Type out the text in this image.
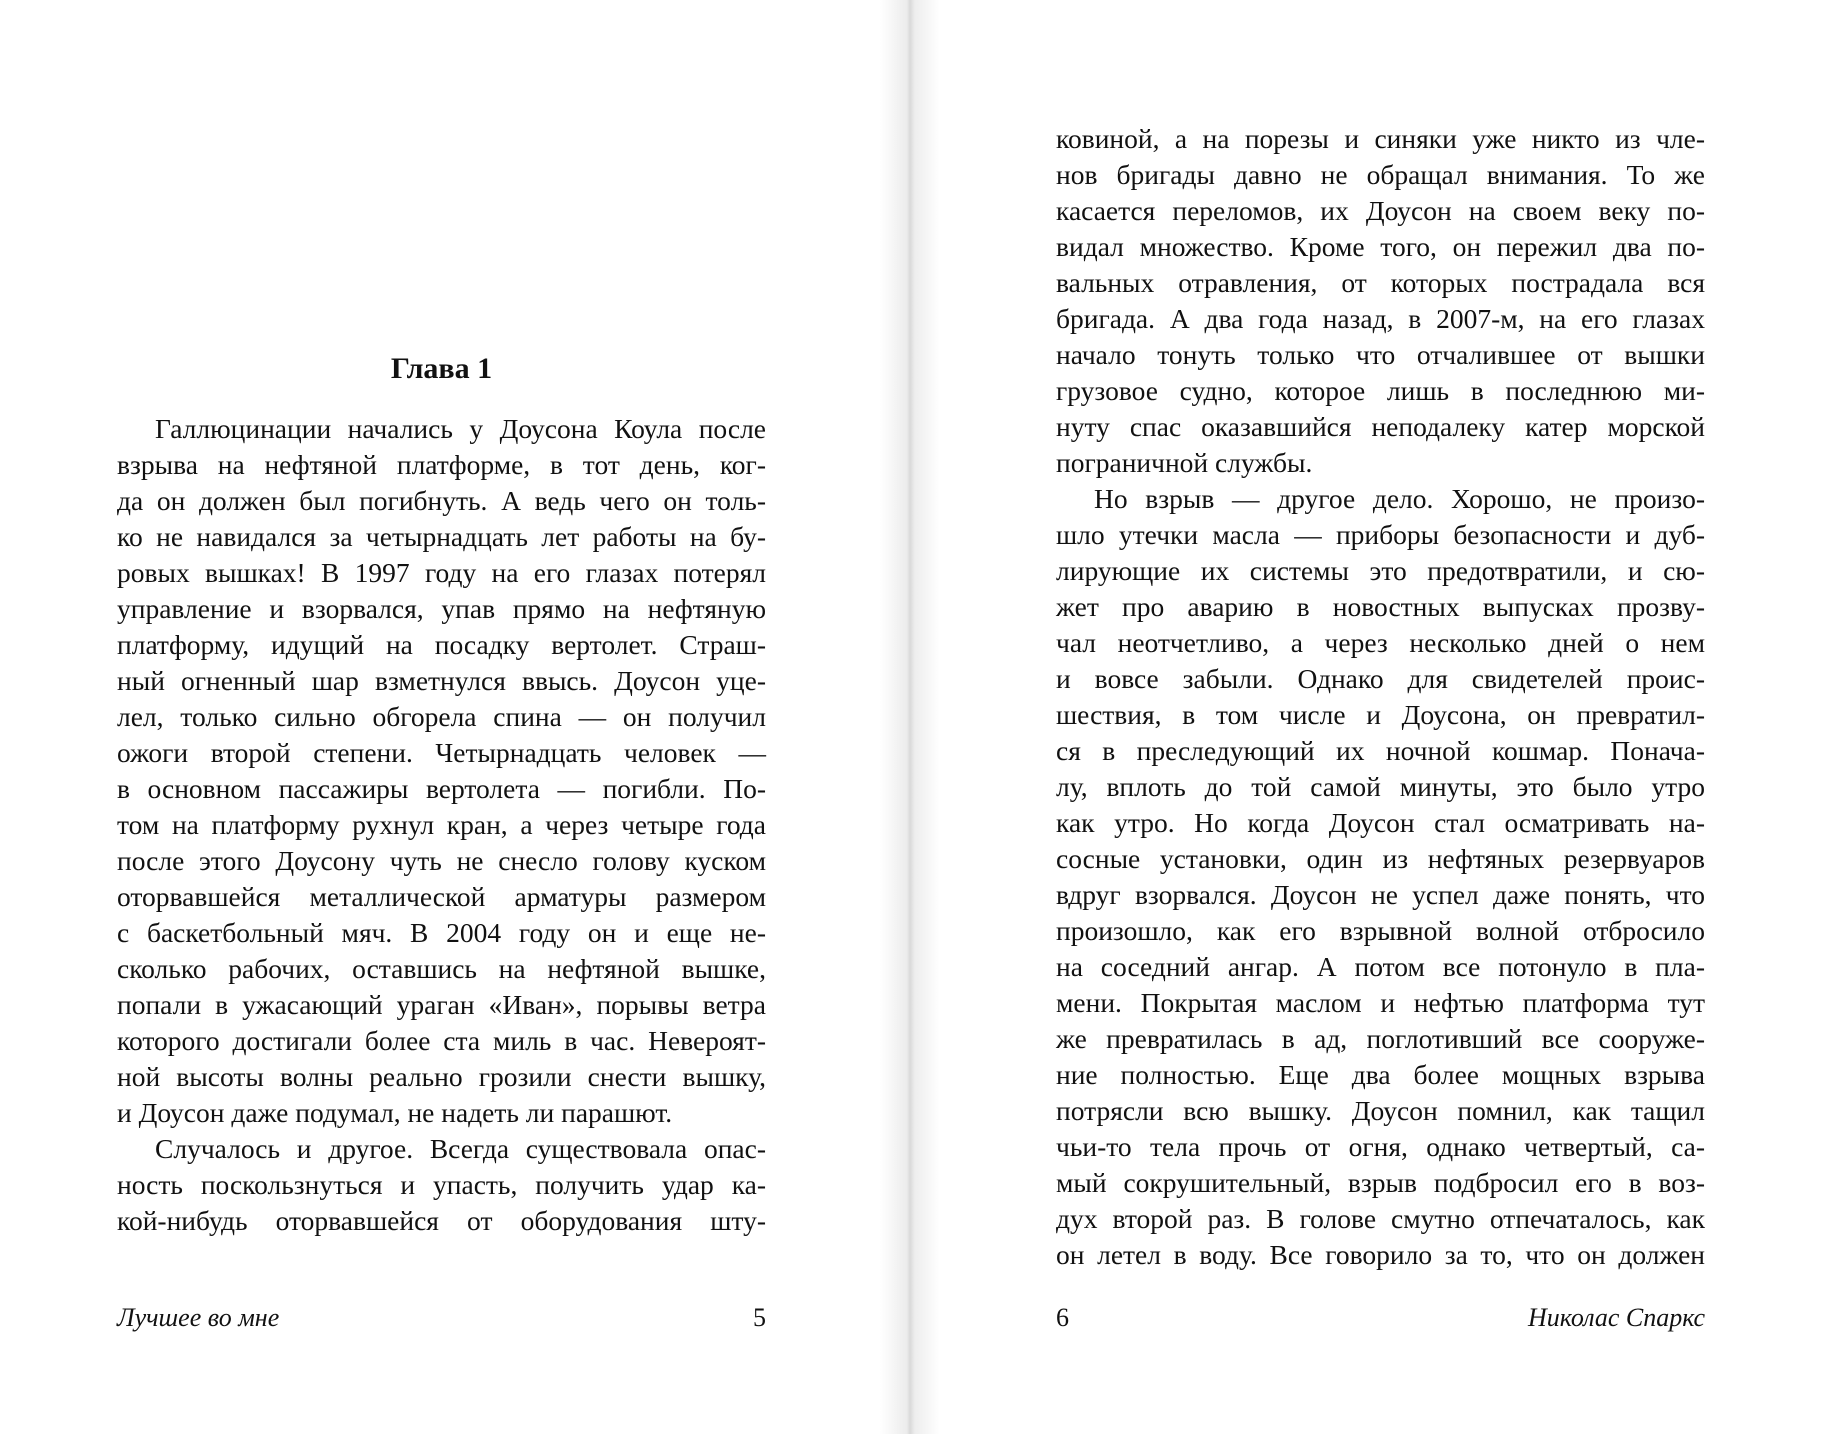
Глава 1

Галлюцинации начались у Доусона Коула после
взрыва на нефтяной платформе, в тот день, ког-
да он должен был погибнуть. А ведь чего он толь-
ко не навидался за четырнадцать лет работы на бу-
ровых вышках! В 1997 году на его глазах потерял
управление и взорвался, упав прямо на нефтяную
платформу, идущий на посадку вертолет. Страш-
ный огненный шар взметнулся ввысь. Доусон уце-
лел, только сильно обгорела спина — он получил
ожоги второй степени. Четырнадцать человек —
в основном пассажиры вертолета — погибли. По-
том на платформу рухнул кран, а через четыре года
после этого Доусону чуть не снесло голову куском
оторвавшейся металлической арматуры размером
с баскетбольный мяч. В 2004 году он и еще не-
сколько рабочих, оставшись на нефтяной вышке,
попали в ужасающий ураган «Иван», порывы ветра
которого достигали более ста миль в час. Невероят-
ной высоты волны реально грозили снести вышку,
и Доусон даже подумал, не надеть ли парашют.

Случалось и другое. Всегда существовала опас-
ность поскользнуться и упасть, получить удар ка-
кой-нибудь оторвавшейся от оборудования шту-

Лучшее во мне	5

ковиной, а на порезы и синяки уже никто из чле-
нов бригады давно не обращал внимания. То же
касается переломов, их Доусон на своем веку по-
видал множество. Кроме того, он пережил два по-
вальных отравления, от которых пострадала вся
бригада. А два года назад, в 2007-м, на его глазах
начало тонуть только что отчалившее от вышки
грузовое судно, которое лишь в последнюю ми-
нуту спас оказавшийся неподалеку катер морской
пограничной службы.

Но взрыв — другое дело. Хорошо, не произо-
шло утечки масла — приборы безопасности и дуб-
лирующие их системы это предотвратили, и сю-
жет про аварию в новостных выпусках прозву-
чал неотчетливо, а через несколько дней о нем
и вовсе забыли. Однако для свидетелей проис-
шествия, в том числе и Доусона, он превратил-
ся в преследующий их ночной кошмар. Понача-
лу, вплоть до той самой минуты, это было утро
как утро. Но когда Доусон стал осматривать на-
сосные установки, один из нефтяных резервуаров
вдруг взорвался. Доусон не успел даже понять, что
произошло, как его взрывной волной отбросило
на соседний ангар. А потом все потонуло в пла-
мени. Покрытая маслом и нефтью платформа тут
же превратилась в ад, поглотивший все сооруже-
ние полностью. Еще два более мощных взрыва
потрясли всю вышку. Доусон помнил, как тащил
чьи-то тела прочь от огня, однако четвертый, са-
мый сокрушительный, взрыв подбросил его в воз-
дух второй раз. В голове смутно отпечаталось, как
он летел в воду. Все говорило за то, что он должен

6	Николас Спаркс
